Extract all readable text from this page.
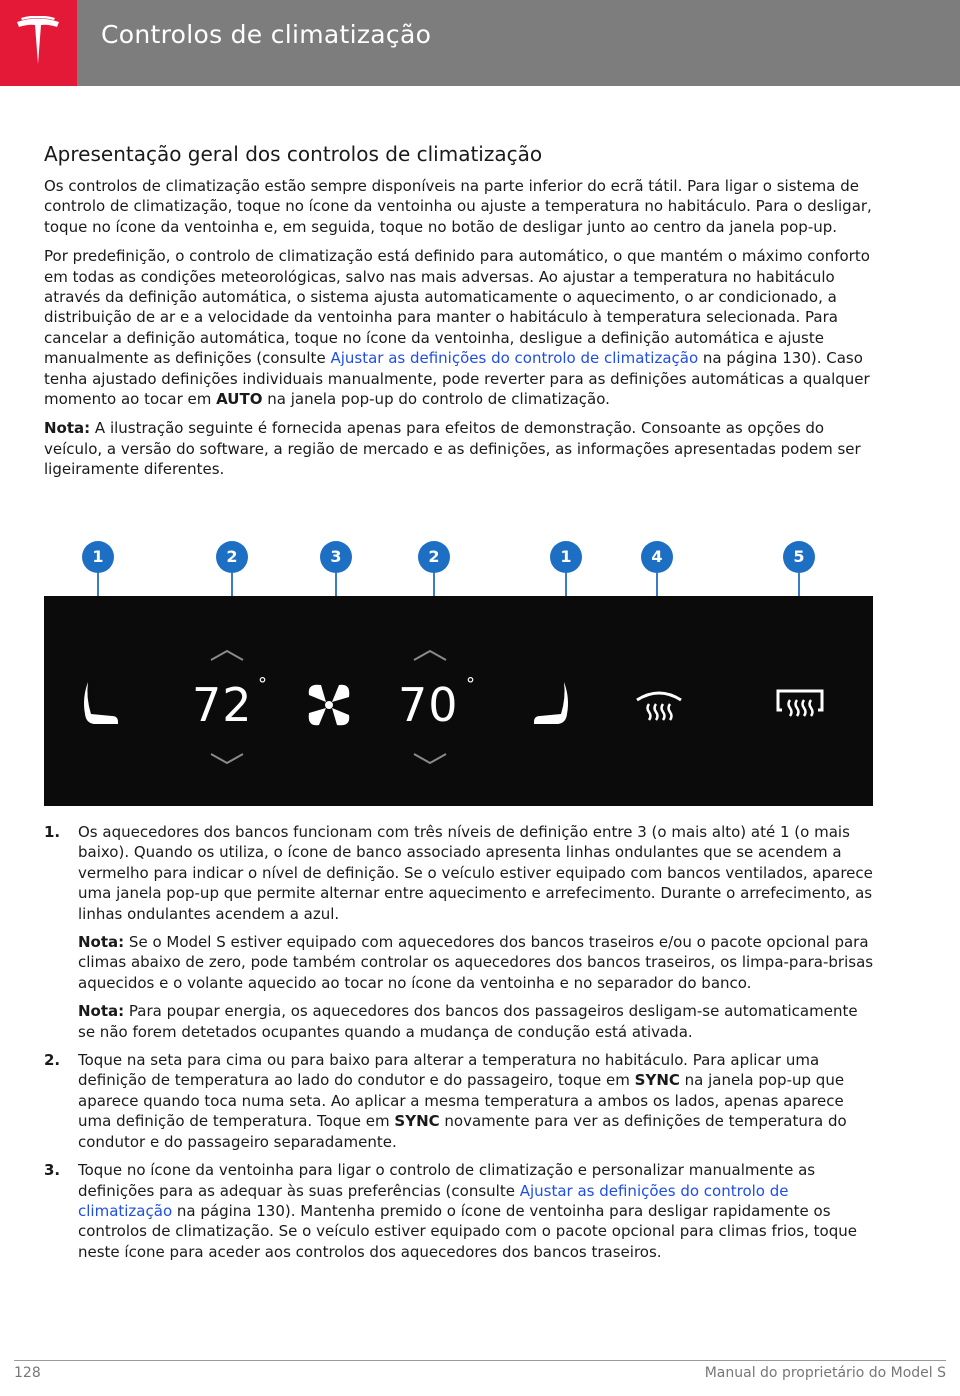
Controlos de climatização
Apresentação geral dos controlos de climatização

Os controlos de climatização estão sempre disponíveis na parte inferior do ecrã tátil. Para ligar o sistema de controlo de climatização, toque no ícone da ventoinha ou ajuste a temperatura no habitáculo. Para o desligar, toque no ícone da ventoinha e, em seguida, toque no botão de desligar junto ao centro da janela pop-up.

Por predefinição, o controlo de climatização está definido para automático, o que mantém o máximo conforto em todas as condições meteorológicas, salvo nas mais adversas. Ao ajustar a temperatura no habitáculo através da definição automática, o sistema ajusta automaticamente o aquecimento, o ar condicionado, a distribuição de ar e a velocidade da ventoinha para manter o habitáculo à temperatura selecionada. Para cancelar a definição automática, toque no ícone da ventoinha, desligue a definição automática e ajuste manualmente as definições (consulte Ajustar as definições do controlo de climatização na página 130). Caso tenha ajustado definições individuais manualmente, pode reverter para as definições automáticas a qualquer momento ao tocar em AUTO na janela pop-up do controlo de climatização.

Nota: A ilustração seguinte é fornecida apenas para efeitos de demonstração. Consoante as opções do veículo, a versão do software, a região de mercado e as definições, as informações apresentadas podem ser ligeiramente diferentes.

1	2	3	2	1	4	5
72 °	70 °
1. Os aquecedores dos bancos funcionam com três níveis de definição entre 3 (o mais alto) até 1 (o mais baixo). Quando os utiliza, o ícone de banco associado apresenta linhas ondulantes que se acendem a vermelho para indicar o nível de definição. Se o veículo estiver equipado com bancos ventilados, aparece uma janela pop-up que permite alternar entre aquecimento e arrefecimento. Durante o arrefecimento, as linhas ondulantes acendem a azul.

Nota: Se o Model S estiver equipado com aquecedores dos bancos traseiros e/ou o pacote opcional para climas abaixo de zero, pode também controlar os aquecedores dos bancos traseiros, os limpa-para-brisas aquecidos e o volante aquecido ao tocar no ícone da ventoinha e no separador do banco.

Nota: Para poupar energia, os aquecedores dos bancos dos passageiros desligam-se automaticamente se não forem detetados ocupantes quando a mudança de condução está ativada.

2. Toque na seta para cima ou para baixo para alterar a temperatura no habitáculo. Para aplicar uma definição de temperatura ao lado do condutor e do passageiro, toque em SYNC na janela pop-up que aparece quando toca numa seta. Ao aplicar a mesma temperatura a ambos os lados, apenas aparece uma definição de temperatura. Toque em SYNC novamente para ver as definições de temperatura do condutor e do passageiro separadamente.

3. Toque no ícone da ventoinha para ligar o controlo de climatização e personalizar manualmente as definições para as adequar às suas preferências (consulte Ajustar as definições do controlo de climatização na página 130). Mantenha premido o ícone de ventoinha para desligar rapidamente os controlos de climatização. Se o veículo estiver equipado com o pacote opcional para climas frios, toque neste ícone para aceder aos controlos dos aquecedores dos bancos traseiros.

128	Manual do proprietário do Model S
